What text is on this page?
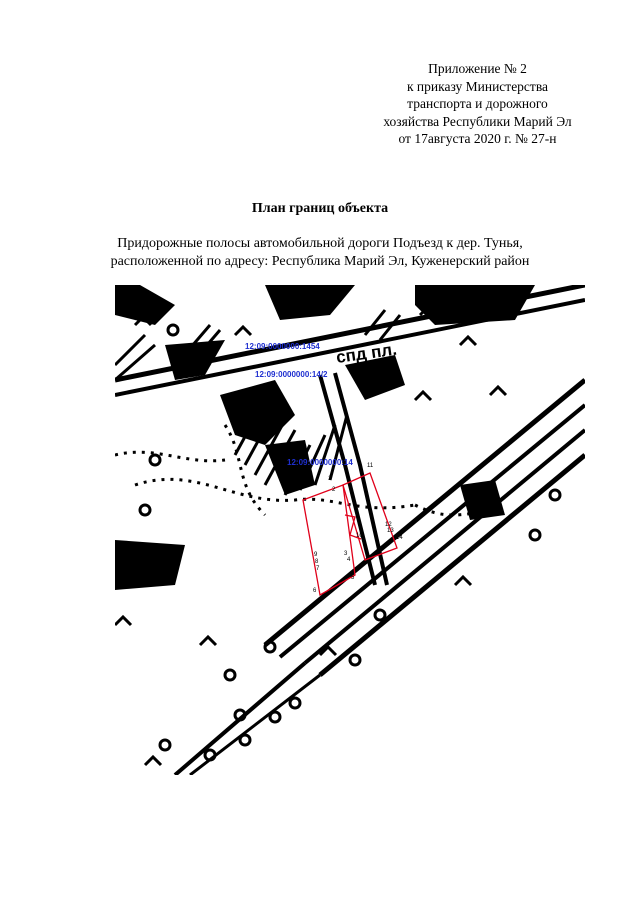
Приложение № 2
к приказу Министерства
транспорта и дорожного
хозяйства Республики Марий Эл
от 17августа 2020 г. № 27-н
План границ объекта
Придорожные полосы автомобильной дороги Подъезд к дер. Тунья,
расположенной по адресу: Республика Марий Эл, Куженерский район
спд пл.
1
2
3
4
5
6
7
8
9
10
11
12
13
14
12:09:0000000:1454
12:09:0000000:14/2
12:09:0000000:14
